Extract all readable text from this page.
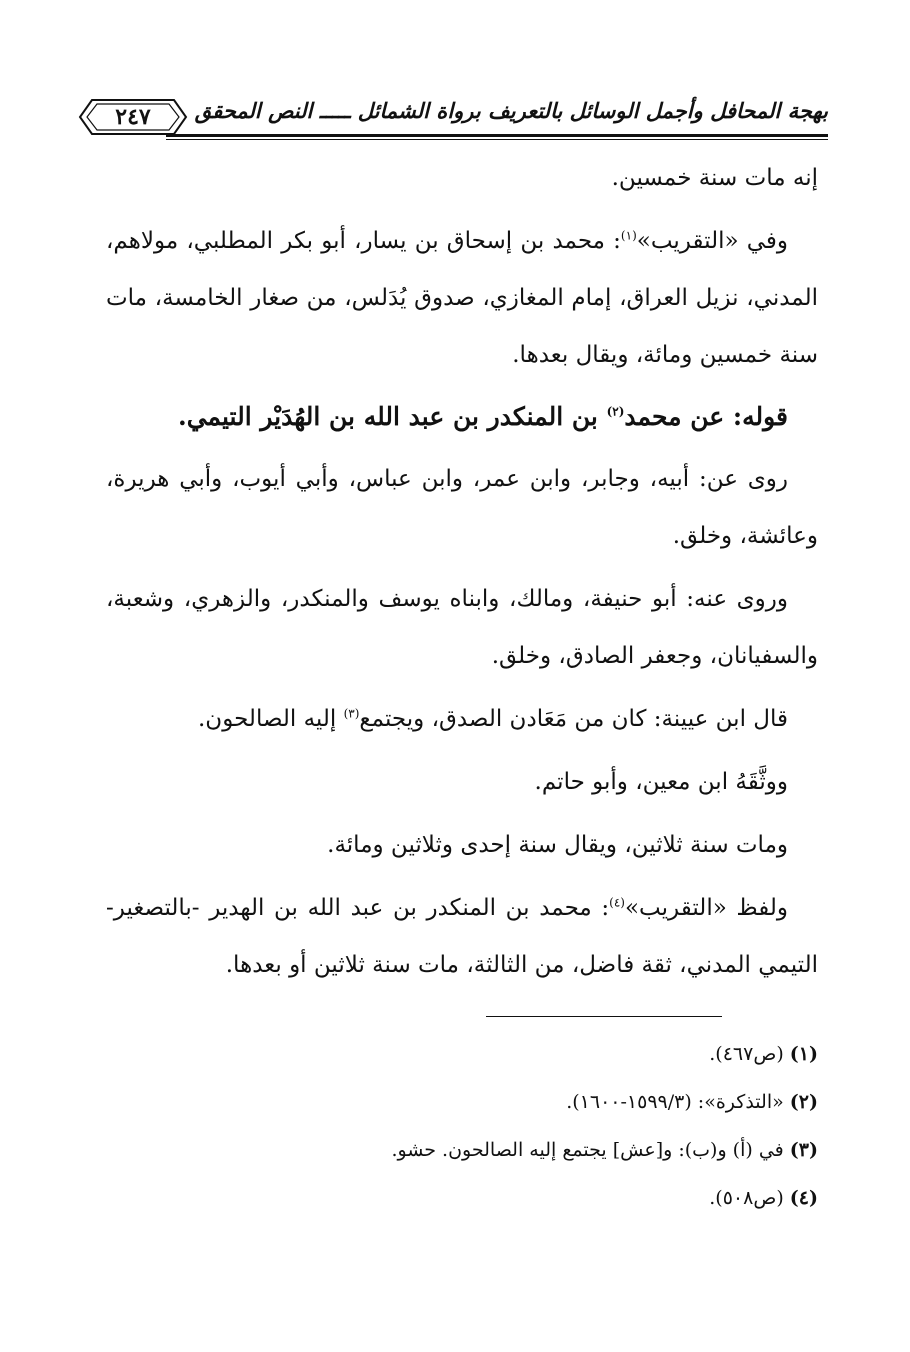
٢٤٧	بهجة المحافل وأجمل الوسائل بالتعريف برواة الشمائل ـــــ النص المحقق

إنه مات سنة خمسين.

وفي «التقريب»$^{(١)}$: محمد بن إسحاق بن يسار، أبو بكر المطلبي، مولاهم، المدني، نزيل العراق، إمام المغازي، صدوق يُدَلس، من صغار الخامسة، مات سنة خمسين ومائة، ويقال بعدها.

قوله: عن محمد$^{(٢)}$ بن المنكدر بن عبد الله بن الهُدَيْر التيمي.

روى عن: أبيه، وجابر، وابن عمر، وابن عباس، وأبي أيوب، وأبي هريرة، وعائشة، وخلق.

وروى عنه: أبو حنيفة، ومالك، وابناه يوسف والمنكدر، والزهري، وشعبة، والسفيانان، وجعفر الصادق، وخلق.

قال ابن عيينة: كان من مَعَادن الصدق، ويجتمع$^{(٣)}$ إليه الصالحون.

ووثَّقَهُ ابن معين، وأبو حاتم.

ومات سنة ثلاثين، ويقال سنة إحدى وثلاثين ومائة.

ولفظ «التقريب»$^{(٤)}$: محمد بن المنكدر بن عبد الله بن الهدير -بالتصغير- التيمي المدني، ثقة فاضل، من الثالثة، مات سنة ثلاثين أو بعدها.

(١) (ص٤٦٧).
(٢) «التذكرة»: (١٥٩٩/٣-١٦٠٠).
(٣) في (أ) و(ب): و[عش] يجتمع إليه الصالحون. حشو.
(٤) (ص٥٠٨).
